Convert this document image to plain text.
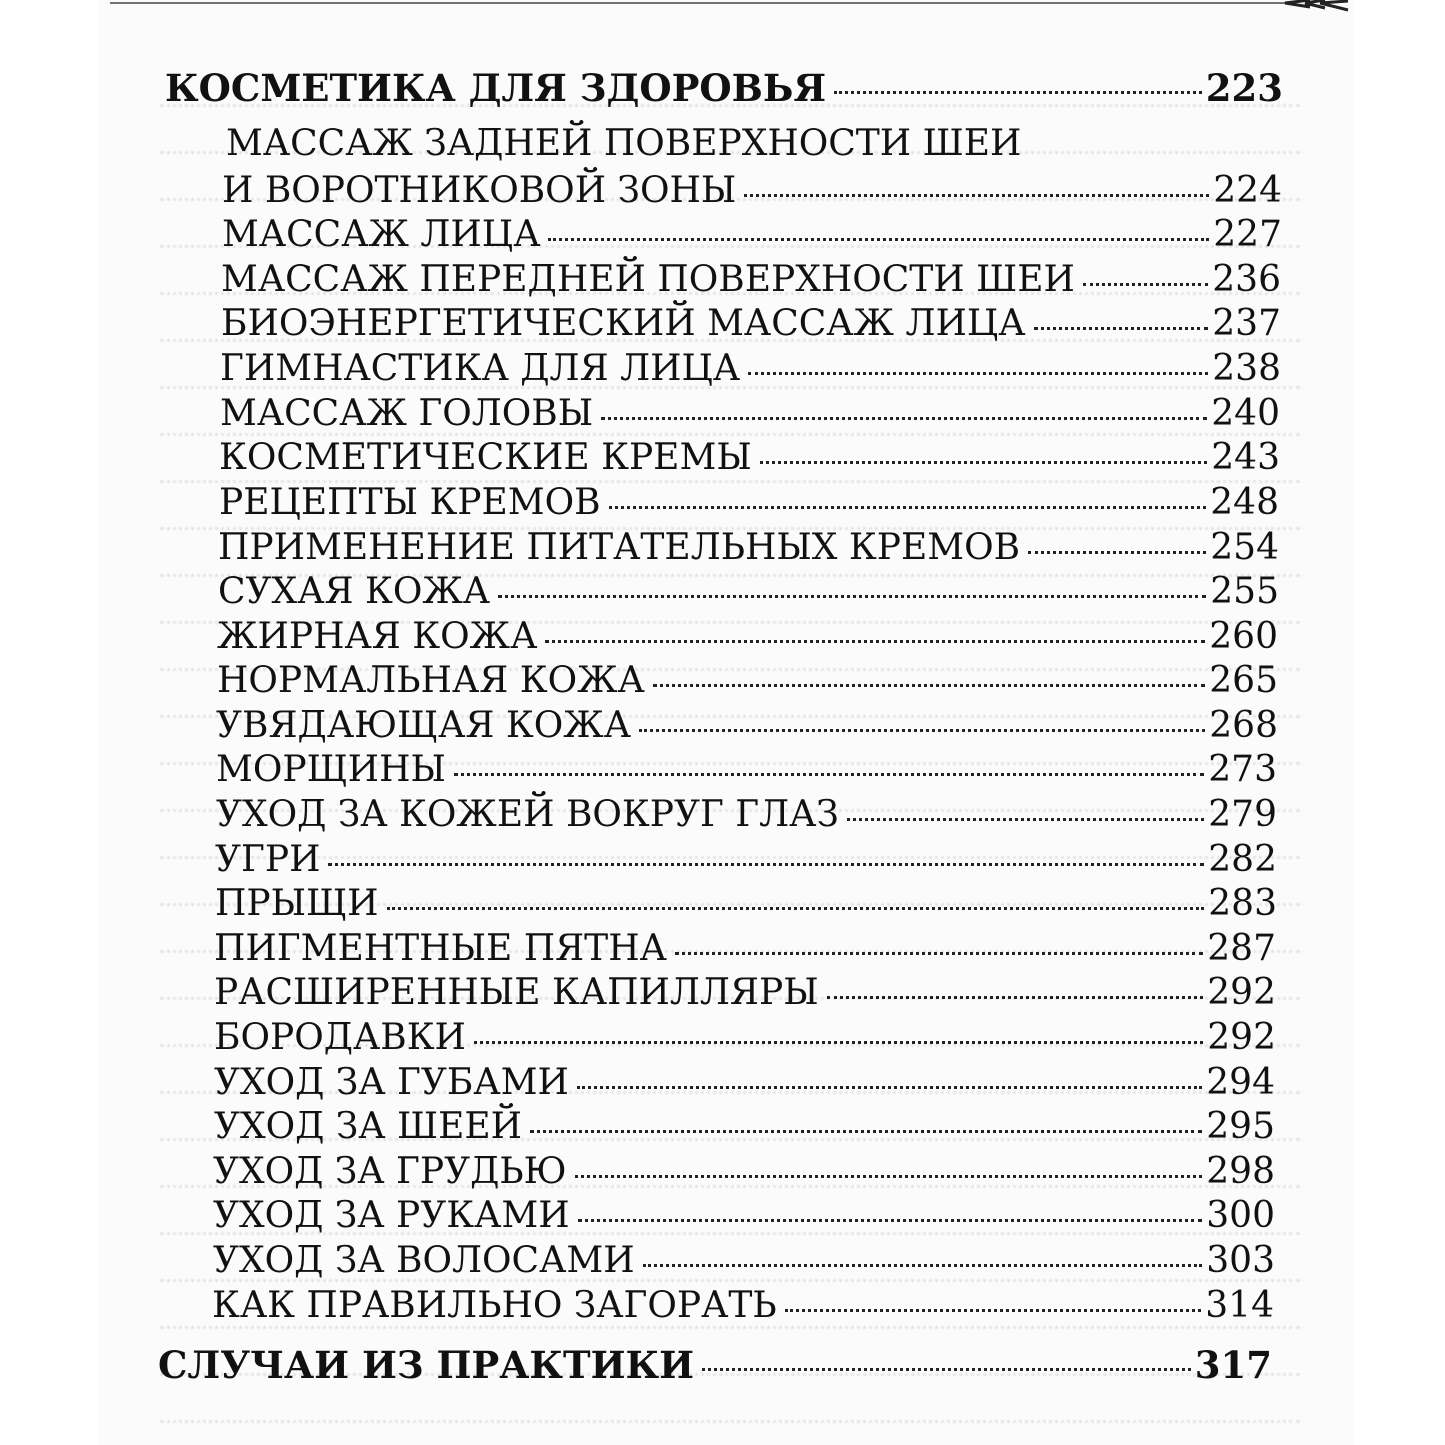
КОСМЕТИКА ДЛЯ ЗДОРОВЬЯ	223
МАССАЖ ЗАДНЕЙ ПОВЕРХНОСТИ ШЕИ
И ВОРОТНИКОВОЙ ЗОНЫ	224
МАССАЖ ЛИЦА	227
МАССАЖ ПЕРЕДНЕЙ ПОВЕРХНОСТИ ШЕИ	236
БИОЭНЕРГЕТИЧЕСКИЙ МАССАЖ ЛИЦА	237
ГИМНАСТИКА ДЛЯ ЛИЦА	238
МАССАЖ ГОЛОВЫ	240
КОСМЕТИЧЕСКИЕ КРЕМЫ	243
РЕЦЕПТЫ КРЕМОВ	248
ПРИМЕНЕНИЕ ПИТАТЕЛЬНЫХ КРЕМОВ	254
СУХАЯ КОЖА	255
ЖИРНАЯ КОЖА	260
НОРМАЛЬНАЯ КОЖА	265
УВЯДАЮЩАЯ КОЖА	268
МОРЩИНЫ	273
УХОД ЗА КОЖЕЙ ВОКРУГ ГЛАЗ	279
УГРИ	282
ПРЫЩИ	283
ПИГМЕНТНЫЕ ПЯТНА	287
РАСШИРЕННЫЕ КАПИЛЛЯРЫ	292
БОРОДАВКИ	292
УХОД ЗА ГУБАМИ	294
УХОД ЗА ШЕЕЙ	295
УХОД ЗА ГРУДЬЮ	298
УХОД ЗА РУКАМИ	300
УХОД ЗА ВОЛОСАМИ	303
КАК ПРАВИЛЬНО ЗАГОРАТЬ	314
СЛУЧАИ ИЗ ПРАКТИКИ	317
